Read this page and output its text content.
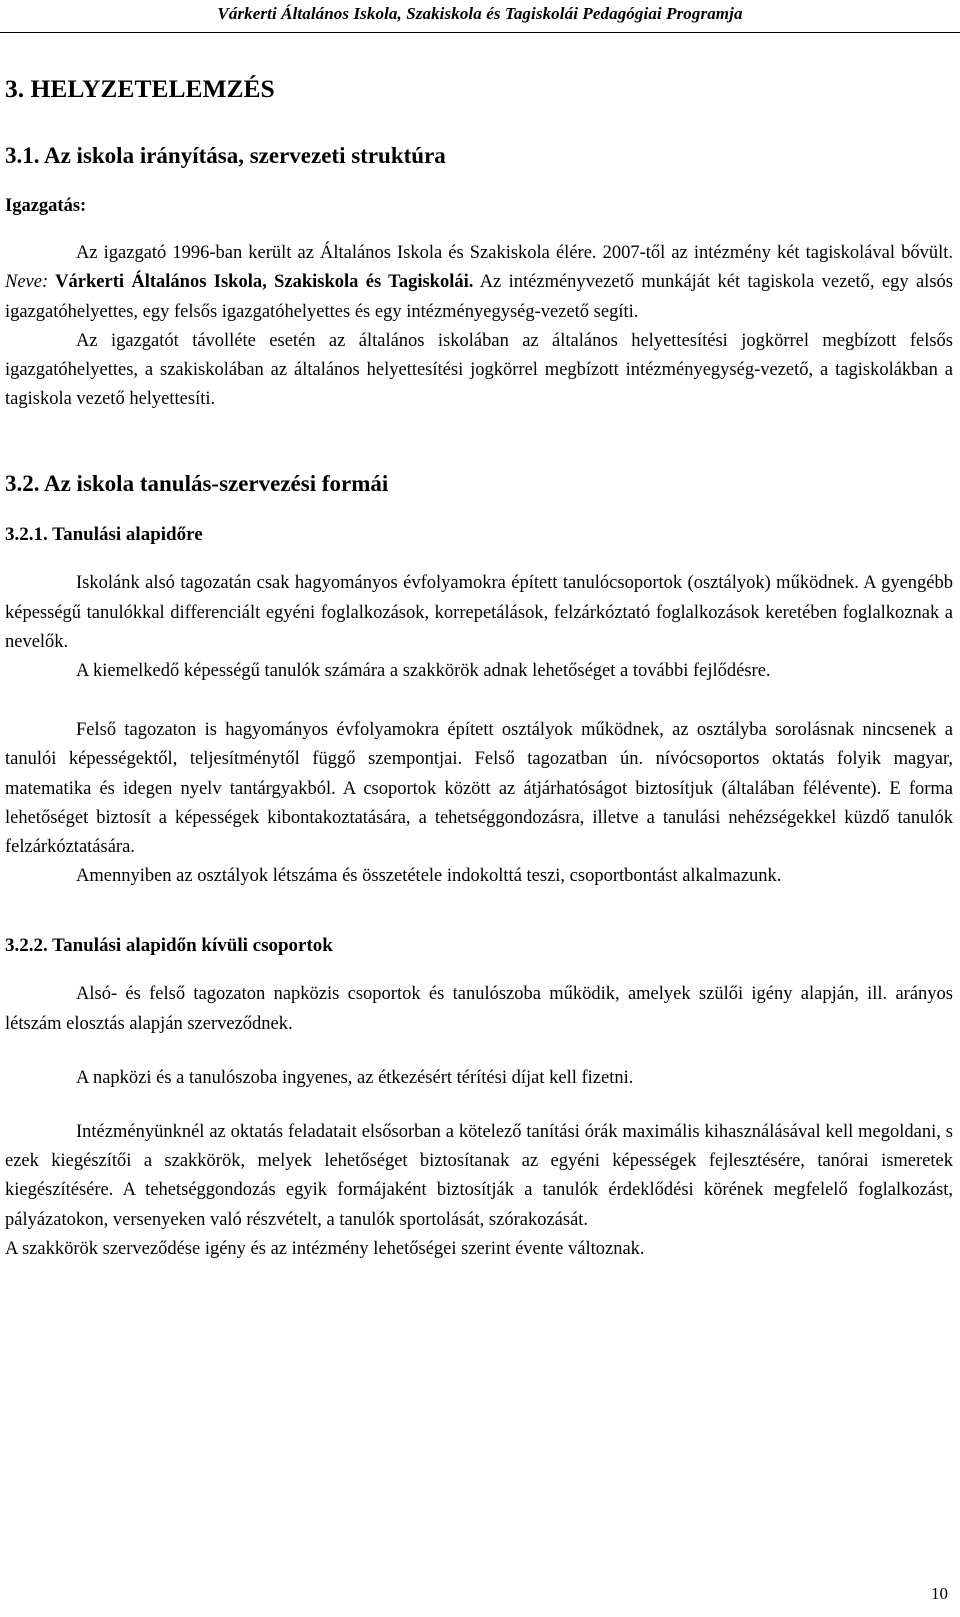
Várkerti Általános Iskola, Szakiskola és Tagiskolái Pedagógiai Programja
3. HELYZETELEMZÉS
3.1. Az iskola irányítása, szervezeti struktúra
Igazgatás:

Az igazgató 1996-ban került az Általános Iskola és Szakiskola élére. 2007-től az intézmény két tagiskolával bővült. Neve: Várkerti Általános Iskola, Szakiskola és Tagiskolái. Az intézményvezető munkáját két tagiskola vezető, egy alsós igazgatóhelyettes, egy felsős igazgatóhelyettes és egy intézményegység-vezető segíti.

Az igazgatót távolléte esetén az általános iskolában az általános helyettesítési jogkörrel megbízott felsős igazgatóhelyettes, a szakiskolában az általános helyettesítési jogkörrel megbízott intézményegység-vezető, a tagiskolákban a tagiskola vezető helyettesíti.

3.2. Az iskola tanulás-szervezési formái
3.2.1. Tanulási alapidőre

Iskolánk alsó tagozatán csak hagyományos évfolyamokra épített tanulócsoportok (osztályok) működnek. A gyengébb képességű tanulókkal differenciált egyéni foglalkozások, korrepetálások, felzárkóztató foglalkozások keretében foglalkoznak a nevelők.

A kiemelkedő képességű tanulók számára a szakkörök adnak lehetőséget a további fejlődésre.

Felső tagozaton is hagyományos évfolyamokra épített osztályok működnek, az osztályba sorolásnak nincsenek a tanulói képességektől, teljesítménytől függő szempontjai. Felső tagozatban ún. nívócsoportos oktatás folyik magyar, matematika és idegen nyelv tantárgyakból. A csoportok között az átjárhatóságot biztosítjuk (általában félévente). E forma lehetőséget biztosít a képességek kibontakoztatására, a tehetséggondozásra, illetve a tanulási nehézségekkel küzdő tanulók felzárkóztatására.

Amennyiben az osztályok létszáma és összetétele indokolttá teszi, csoportbontást alkalmazunk.

3.2.2. Tanulási alapidőn kívüli csoportok

Alsó- és felső tagozaton napközis csoportok és tanulószoba működik, amelyek szülői igény alapján, ill. arányos létszám elosztás alapján szerveződnek.

A napközi és a tanulószoba ingyenes, az étkezésért térítési díjat kell fizetni.

Intézményünknél az oktatás feladatait elsősorban a kötelező tanítási órák maximális kihasználásával kell megoldani, s ezek kiegészítői a szakkörök, melyek lehetőséget biztosítanak az egyéni képességek fejlesztésére, tanórai ismeretek kiegészítésére. A tehetséggondozás egyik formájaként biztosítják a tanulók érdeklődési körének megfelelő foglalkozást, pályázatokon, versenyeken való részvételt, a tanulók sportolását, szórakozását.

A szakkörök szerveződése igény és az intézmény lehetőségei szerint évente változnak.

10
